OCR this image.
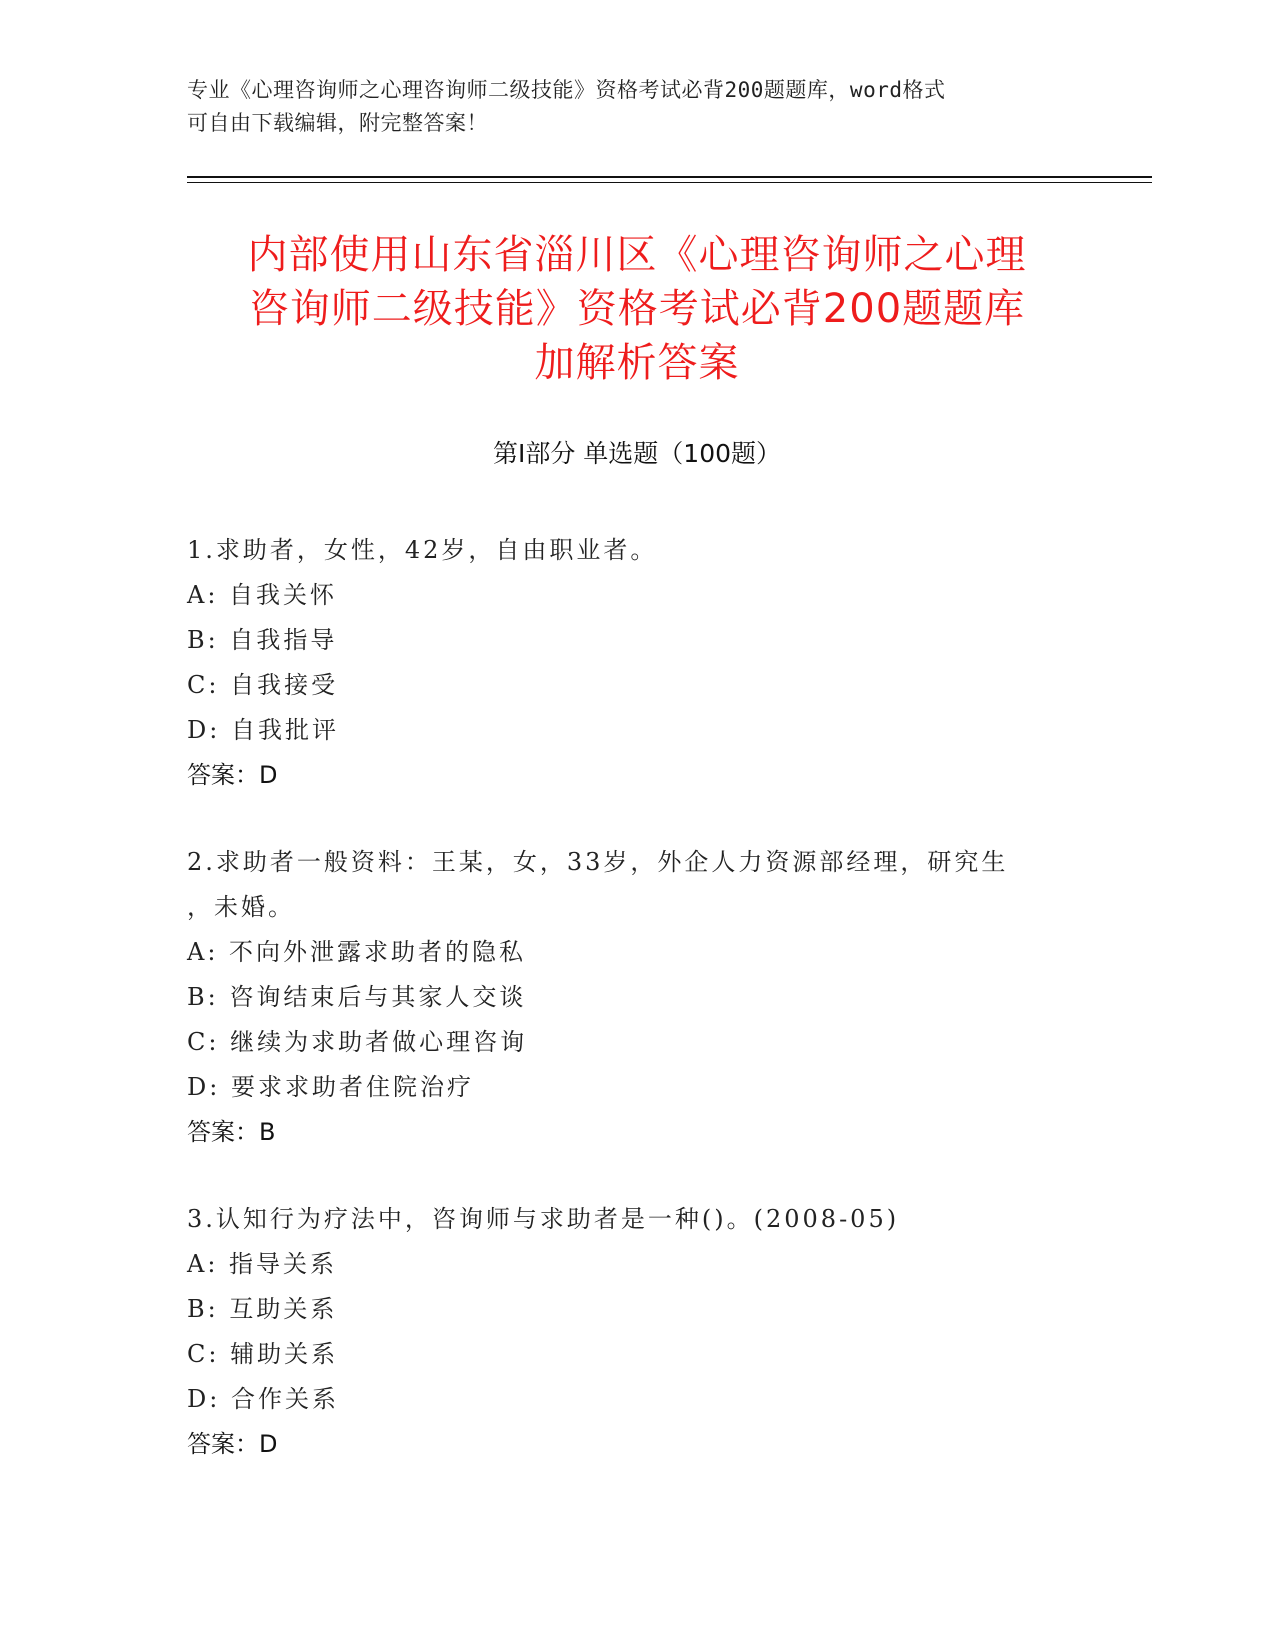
专业《心理咨询师之心理咨询师二级技能》资格考试必背200题题库，word格式
可自由下载编辑，附完整答案！
内部使用山东省淄川区《心理咨询师之心理
咨询师二级技能》资格考试必背200题题库
加解析答案
第Ⅰ部分 单选题（100题）
1.求助者，女性，42岁，自由职业者。
A: 自我关怀
B: 自我指导
C: 自我接受
D: 自我批评
答案：D
2.求助者一般资料：王某，女，33岁，外企人力资源部经理，研究生
，未婚。
A: 不向外泄露求助者的隐私
B: 咨询结束后与其家人交谈
C: 继续为求助者做心理咨询
D: 要求求助者住院治疗
答案：B
3.认知行为疗法中，咨询师与求助者是一种()。(2008-05)
A: 指导关系
B: 互助关系
C: 辅助关系
D: 合作关系
答案：D
